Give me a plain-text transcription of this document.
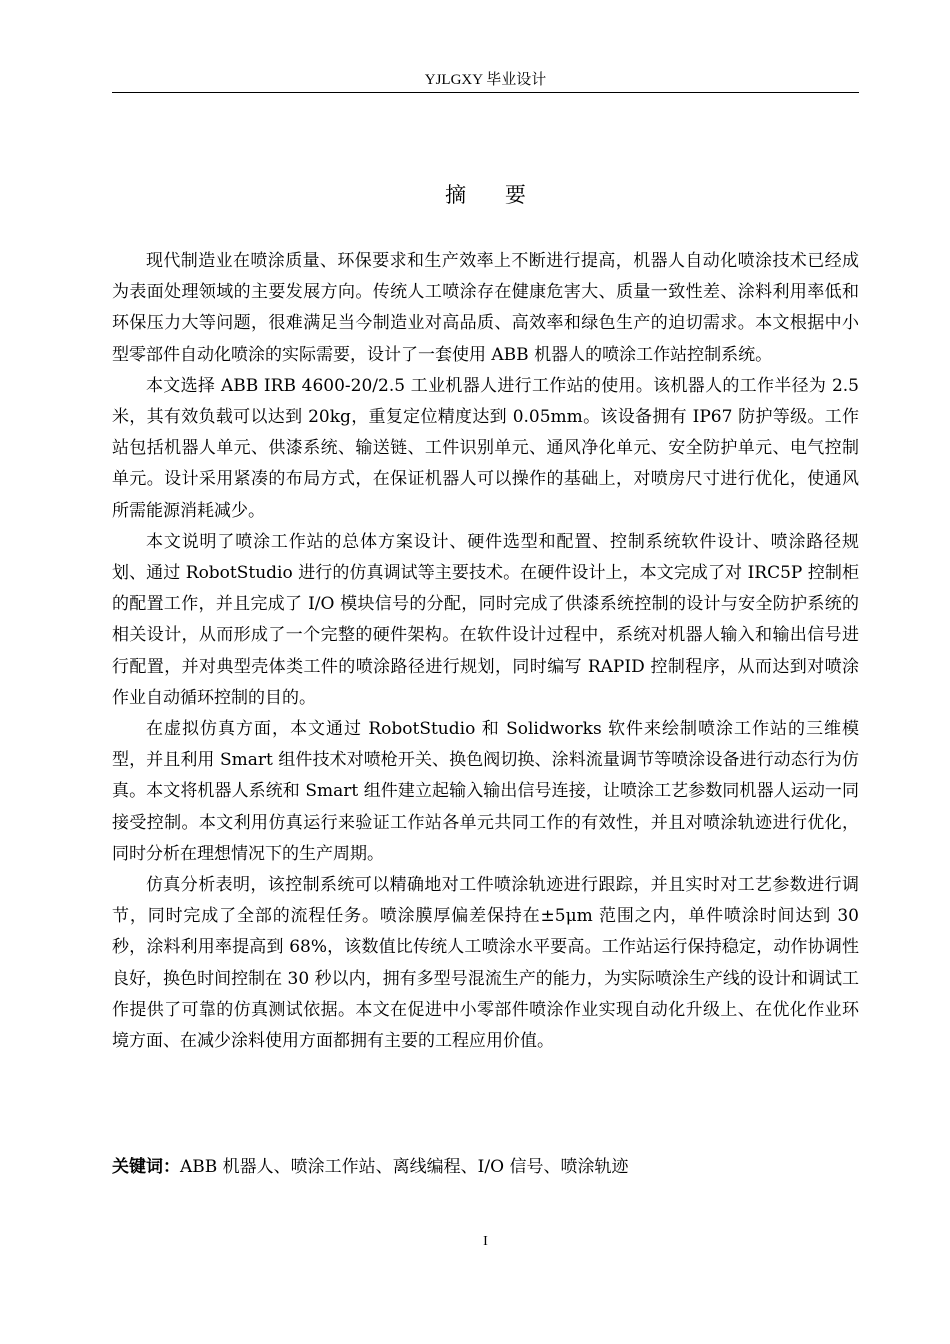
YJLGXY 毕业设计
摘 要

现代制造业在喷涂质量、环保要求和生产效率上不断进行提高，机器人自动化喷涂技术已经成为表面处理领域的主要发展方向。传统人工喷涂存在健康危害大、质量一致性差、涂料利用率低和环保压力大等问题，很难满足当今制造业对高品质、高效率和绿色生产的迫切需求。本文根据中小型零部件自动化喷涂的实际需要，设计了一套使用 ABB 机器人的喷涂工作站控制系统。

本文选择 ABB IRB 4600-20/2.5 工业机器人进行工作站的使用。该机器人的工作半径为 2.5 米，其有效负载可以达到 20kg，重复定位精度达到 0.05mm。该设备拥有 IP67 防护等级。工作站包括机器人单元、供漆系统、输送链、工件识别单元、通风净化单元、安全防护单元、电气控制单元。设计采用紧凑的布局方式，在保证机器人可以操作的基础上，对喷房尺寸进行优化，使通风所需能源消耗减少。

本文说明了喷涂工作站的总体方案设计、硬件选型和配置、控制系统软件设计、喷涂路径规划、通过 RobotStudio 进行的仿真调试等主要技术。在硬件设计上，本文完成了对 IRC5P 控制柜的配置工作，并且完成了 I/O 模块信号的分配，同时完成了供漆系统控制的设计与安全防护系统的相关设计，从而形成了一个完整的硬件架构。在软件设计过程中，系统对机器人输入和输出信号进行配置，并对典型壳体类工件的喷涂路径进行规划，同时编写 RAPID 控制程序，从而达到对喷涂作业自动循环控制的目的。

在虚拟仿真方面，本文通过 RobotStudio 和 Solidworks 软件来绘制喷涂工作站的三维模型，并且利用 Smart 组件技术对喷枪开关、换色阀切换、涂料流量调节等喷涂设备进行动态行为仿真。本文将机器人系统和 Smart 组件建立起输入输出信号连接，让喷涂工艺参数同机器人运动一同接受控制。本文利用仿真运行来验证工作站各单元共同工作的有效性，并且对喷涂轨迹进行优化，同时分析在理想情况下的生产周期。

仿真分析表明，该控制系统可以精确地对工件喷涂轨迹进行跟踪，并且实时对工艺参数进行调节，同时完成了全部的流程任务。喷涂膜厚偏差保持在±5μm 范围之内，单件喷涂时间达到 30 秒，涂料利用率提高到 68%，该数值比传统人工喷涂水平要高。工作站运行保持稳定，动作协调性良好，换色时间控制在 30 秒以内，拥有多型号混流生产的能力，为实际喷涂生产线的设计和调试工作提供了可靠的仿真测试依据。本文在促进中小零部件喷涂作业实现自动化升级上、在优化作业环境方面、在减少涂料使用方面都拥有主要的工程应用价值。

关键词：ABB 机器人、喷涂工作站、离线编程、I/O 信号、喷涂轨迹
I
